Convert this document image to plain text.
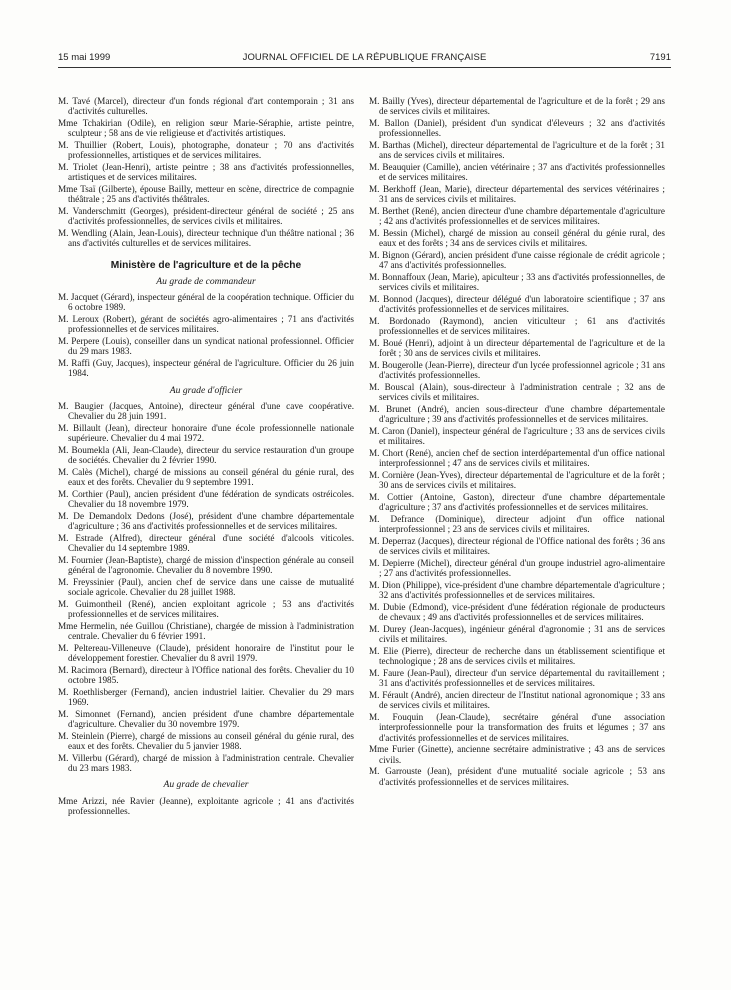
15 mai 1999	JOURNAL OFFICIEL DE LA RÉPUBLIQUE FRANÇAISE	7191

M. Tavé (Marcel), directeur d'un fonds régional d'art contemporain ; 31 ans d'activités culturelles.

Mme Tchakirian (Odile), en religion sœur Marie-Séraphie, artiste peintre, sculpteur ; 58 ans de vie religieuse et d'activités artistiques.

M. Thuillier (Robert, Louis), photographe, donateur ; 70 ans d'activités professionnelles, artistiques et de services militaires.

M. Triolet (Jean-Henri), artiste peintre ; 38 ans d'activités professionnelles, artistiques et de services militaires.

Mme Tsaï (Gilberte), épouse Bailly, metteur en scène, directrice de compagnie théâtrale ; 25 ans d'activités théâtrales.

M. Vanderschmitt (Georges), président-directeur général de société ; 25 ans d'activités professionnelles, de services civils et militaires.

M. Wendling (Alain, Jean-Louis), directeur technique d'un théâtre national ; 36 ans d'activités culturelles et de services militaires.

Ministère de l'agriculture et de la pêche
Au grade de commandeur

M. Jacquet (Gérard), inspecteur général de la coopération technique. Officier du 6 octobre 1989.

M. Leroux (Robert), gérant de sociétés agro-alimentaires ; 71 ans d'activités professionnelles et de services militaires.

M. Perpere (Louis), conseiller dans un syndicat national professionnel. Officier du 29 mars 1983.

M. Raffi (Guy, Jacques), inspecteur général de l'agriculture. Officier du 26 juin 1984.

Au grade d'officier

M. Baugier (Jacques, Antoine), directeur général d'une cave coopérative. Chevalier du 28 juin 1991.

M. Billault (Jean), directeur honoraire d'une école professionnelle nationale supérieure. Chevalier du 4 mai 1972.

M. Boumekla (Ali, Jean-Claude), directeur du service restauration d'un groupe de sociétés. Chevalier du 2 février 1990.

M. Calès (Michel), chargé de missions au conseil général du génie rural, des eaux et des forêts. Chevalier du 9 septembre 1991.

M. Corthier (Paul), ancien président d'une fédération de syndicats ostréicoles. Chevalier du 18 novembre 1979.

M. De Demandolx Dedons (José), président d'une chambre départementale d'agriculture ; 36 ans d'activités professionnelles et de services militaires.

M. Estrade (Alfred), directeur général d'une société d'alcools viticoles. Chevalier du 14 septembre 1989.

M. Fournier (Jean-Baptiste), chargé de mission d'inspection générale au conseil général de l'agronomie. Chevalier du 8 novembre 1990.

M. Freyssinier (Paul), ancien chef de service dans une caisse de mutualité sociale agricole. Chevalier du 28 juillet 1988.

M. Guimontheil (René), ancien exploitant agricole ; 53 ans d'activités professionnelles et de services militaires.

Mme Hermelin, née Guillou (Christiane), chargée de mission à l'administration centrale. Chevalier du 6 février 1991.

M. Peltereau-Villeneuve (Claude), président honoraire de l'institut pour le développement forestier. Chevalier du 8 avril 1979.

M. Racimora (Bernard), directeur à l'Office national des forêts. Chevalier du 10 octobre 1985.

M. Roethlisberger (Fernand), ancien industriel laitier. Chevalier du 29 mars 1969.

M. Simonnet (Fernand), ancien président d'une chambre départementale d'agriculture. Chevalier du 30 novembre 1979.

M. Steinlein (Pierre), chargé de missions au conseil général du génie rural, des eaux et des forêts. Chevalier du 5 janvier 1988.

M. Villerbu (Gérard), chargé de mission à l'administration centrale. Chevalier du 23 mars 1983.

Au grade de chevalier

Mme Arizzi, née Ravier (Jeanne), exploitante agricole ; 41 ans d'activités professionnelles.

M. Bailly (Yves), directeur départemental de l'agriculture et de la forêt ; 29 ans de services civils et militaires.

M. Ballon (Daniel), président d'un syndicat d'éleveurs ; 32 ans d'activités professionnelles.

M. Barthas (Michel), directeur départemental de l'agriculture et de la forêt ; 31 ans de services civils et militaires.

M. Beauquier (Camille), ancien vétérinaire ; 37 ans d'activités professionnelles et de services militaires.

M. Berkhoff (Jean, Marie), directeur départemental des services vétérinaires ; 31 ans de services civils et militaires.

M. Berthet (René), ancien directeur d'une chambre départementale d'agriculture ; 42 ans d'activités professionnelles et de services militaires.

M. Bessin (Michel), chargé de mission au conseil général du génie rural, des eaux et des forêts ; 34 ans de services civils et militaires.

M. Bignon (Gérard), ancien président d'une caisse régionale de crédit agricole ; 47 ans d'activités professionnelles.

M. Bonnaffoux (Jean, Marie), apiculteur ; 33 ans d'activités professionnelles, de services civils et militaires.

M. Bonnod (Jacques), directeur délégué d'un laboratoire scientifique ; 37 ans d'activités professionnelles et de services militaires.

M. Bordonado (Raymond), ancien viticulteur ; 61 ans d'activités professionnelles et de services militaires.

M. Boué (Henri), adjoint à un directeur départemental de l'agriculture et de la forêt ; 30 ans de services civils et militaires.

M. Bougerolle (Jean-Pierre), directeur d'un lycée professionnel agricole ; 31 ans d'activités professionnelles.

M. Bouscal (Alain), sous-directeur à l'administration centrale ; 32 ans de services civils et militaires.

M. Brunet (André), ancien sous-directeur d'une chambre départementale d'agriculture ; 39 ans d'activités professionnelles et de services militaires.

M. Caron (Daniel), inspecteur général de l'agriculture ; 33 ans de services civils et militaires.

M. Chort (René), ancien chef de section interdépartemental d'un office national interprofessionnel ; 47 ans de services civils et militaires.

M. Cornière (Jean-Yves), directeur départemental de l'agriculture et de la forêt ; 30 ans de services civils et militaires.

M. Cottier (Antoine, Gaston), directeur d'une chambre départementale d'agriculture ; 37 ans d'activités professionnelles et de services militaires.

M. Defrance (Dominique), directeur adjoint d'un office national interprofessionnel ; 23 ans de services civils et militaires.

M. Deperraz (Jacques), directeur régional de l'Office national des forêts ; 36 ans de services civils et militaires.

M. Depierre (Michel), directeur général d'un groupe industriel agro-alimentaire ; 27 ans d'activités professionnelles.

M. Dion (Philippe), vice-président d'une chambre départementale d'agriculture ; 32 ans d'activités professionnelles et de services militaires.

M. Dubie (Edmond), vice-président d'une fédération régionale de producteurs de chevaux ; 49 ans d'activités professionnelles et de services militaires.

M. Durey (Jean-Jacques), ingénieur général d'agronomie ; 31 ans de services civils et militaires.

M. Elie (Pierre), directeur de recherche dans un établissement scientifique et technologique ; 28 ans de services civils et militaires.

M. Faure (Jean-Paul), directeur d'un service départemental du ravitaillement ; 31 ans d'activités professionnelles et de services militaires.

M. Férault (André), ancien directeur de l'Institut national agronomique ; 33 ans de services civils et militaires.

M. Fouquin (Jean-Claude), secrétaire général d'une association interprofessionnelle pour la transformation des fruits et légumes ; 37 ans d'activités professionnelles et de services militaires.

Mme Furier (Ginette), ancienne secrétaire administrative ; 43 ans de services civils.

M. Garrouste (Jean), président d'une mutualité sociale agricole ; 53 ans d'activités professionnelles et de services militaires.
